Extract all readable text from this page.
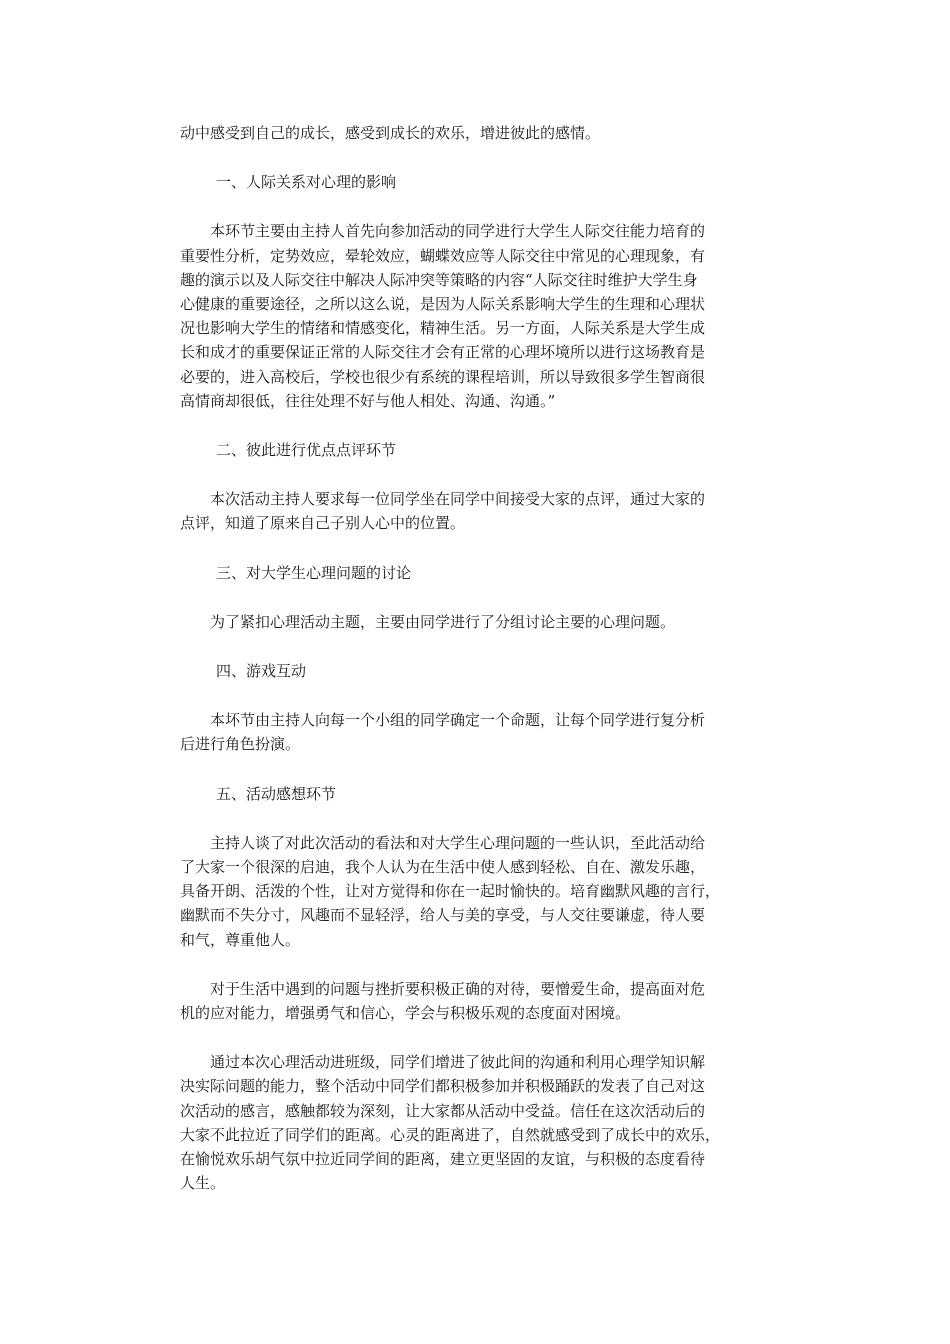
动中感受到自己的成长，感受到成长的欢乐，增进彼此的感情。

一、人际关系对心理的影响

本环节主要由主持人首先向参加活动的同学进行大学生人际交往能力培育的
重要性分析，定势效应，晕轮效应，蝴蝶效应等人际交往中常见的心理现象，有
趣的演示以及人际交往中解决人际冲突等策略的内容“人际交往时维护大学生身
心健康的重要途径，之所以这么说，是因为人际关系影响大学生的生理和心理状
况也影响大学生的情绪和情感变化，精神生活。另一方面，人际关系是大学生成
长和成才的重要保证正常的人际交往才会有正常的心理坏境所以进行这场教育是
必要的，进入高校后，学校也很少有系统的课程培训，所以导致很多学生智商很
高情商却很低，往往处理不好与他人相处、沟通、沟通。”

二、彼此进行优点点评环节

本次活动主持人要求每一位同学坐在同学中间接受大家的点评，通过大家的
点评，知道了原来自己子别人心中的位置。

三、对大学生心理问题的讨论

为了紧扣心理活动主题，主要由同学进行了分组讨论主要的心理问题。

四、游戏互动

本坏节由主持人向每一个小组的同学确定一个命题，让每个同学进行复分析
后进行角色扮演。

五、活动感想环节

主持人谈了对此次活动的看法和对大学生心理问题的一些认识，至此活动给
了大家一个很深的启迪，我个人认为在生活中使人感到轻松、自在、激发乐趣，
具备开朗、活泼的个性，让对方觉得和你在一起时愉快的。培育幽默风趣的言行，
幽默而不失分寸，风趣而不显轻浮，给人与美的享受，与人交往要谦虚，待人要
和气，尊重他人。

对于生活中遇到的问题与挫折要积极正确的对待，要憎爱生命，提高面对危
机的应对能力，增强勇气和信心，学会与积极乐观的态度面对困境。

通过本次心理活动进班级，同学们增进了彼此间的沟通和利用心理学知识解
决实际问题的能力，整个活动中同学们都积极参加并积极踊跃的发表了自己对这
次活动的感言，感触都较为深刻，让大家都从活动中受益。信任在这次活动后的
大家不此拉近了同学们的距离。心灵的距离进了，自然就感受到了成长中的欢乐，
在愉悦欢乐胡气氛中拉近同学间的距离，建立更坚固的友谊，与积极的态度看待
人生。
